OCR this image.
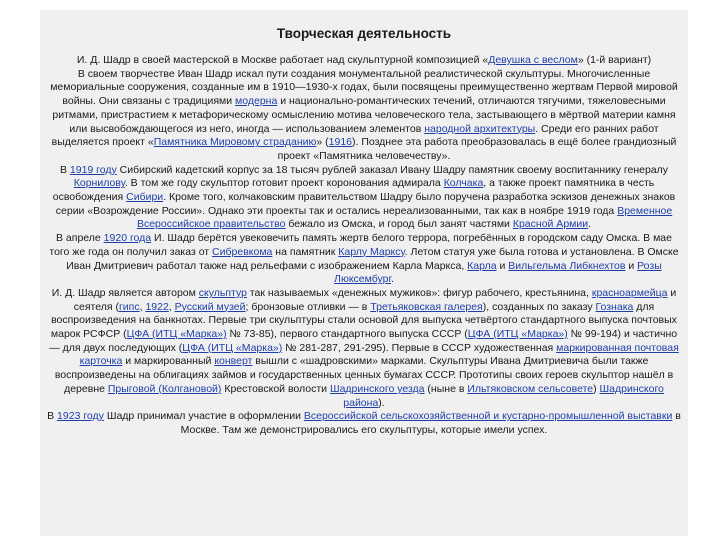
Творческая деятельность

И. Д. Шадр в своей мастерской в Москве работает над скульптурной композицией «Девушка с веслом» (1-й вариант)

В своем творчестве Иван Шадр искал пути создания монументальной реалистической скульптуры. Многочисленные мемориальные сооружения, созданные им в 1910—1930-х годах, были посвящены преимущественно жертвам Первой мировой войны. Они связаны с традициями модерна и национально-романтических течений, отличаются тягучими, тяжеловесными ритмами, пристрастием к метафорическому осмыслению мотива человеческого тела, застывающего в мёртвой материи камня или высвобождающегося из него, иногда — использованием элементов народной архитектуры. Среди его ранних работ выделяется проект «Памятника Мировому страданию» (1916). Позднее эта работа преобразовалась в ещё более грандиозный проект «Памятника человечеству».

В 1919 году Сибирский кадетский корпус за 18 тысяч рублей заказал Ивану Шадру памятник своему воспитаннику генералу Корнилову. В том же году скульптор готовит проект коронования адмирала Колчака, а также проект памятника в честь освобождения Сибири. Кроме того, колчаковским правительством Шадру было поручена разработка эскизов денежных знаков серии «Возрождение России». Однако эти проекты так и остались нереализованными, так как в ноябре 1919 года Временное Всероссийское правительство бежало из Омска, и город был занят частями Красной Армии.

В апреле 1920 года И. Шадр берётся увековечить память жертв белого террора, погребённых в городском саду Омска. В мае того же года он получил заказ от Сибревкома на памятник Карлу Марксу. Летом статуя уже была готова и установлена. В Омске Иван Дмитриевич работал также над рельефами с изображением Карла Маркса, Карла и Вильгельма Либкнехтов и Розы Люксембург.

И. Д. Шадр является автором скульптур так называемых «денежных мужиков»: фигур рабочего, крестьянина, красноармейца и сеятеля (гипс, 1922, Русский музей; бронзовые отливки — в Третьяковская галерея), созданных по заказу Гознака для воспроизведения на банкнотах. Первые три скульптуры стали основой для выпуска четвёртого стандартного выпуска почтовых марок РСФСР (ЦФА (ИТЦ «Марка») № 73-85), первого стандартного выпуска СССР (ЦФА (ИТЦ «Марка») № 99-194) и частично — для двух последующих (ЦФА (ИТЦ «Марка») № 281-287, 291-295). Первые в СССР художественная маркированная почтовая карточка и маркированный конверт вышли с «шадровскими» марками. Скульптуры Ивана Дмитриевича были также воспроизведены на облигациях займов и государственных ценных бумагах СССР. Прототипы своих героев скульптор нашёл в деревне Прыговой (Колгановой) Крестовской волости Шадринского уезда (ныне в Ильтяковском сельсовете) Шадринского района).

В 1923 году Шадр принимал участие в оформлении Всероссийской сельскохозяйственной и кустарно-промышленной выставки в Москве. Там же демонстрировались его скульптуры, которые имели успех.
